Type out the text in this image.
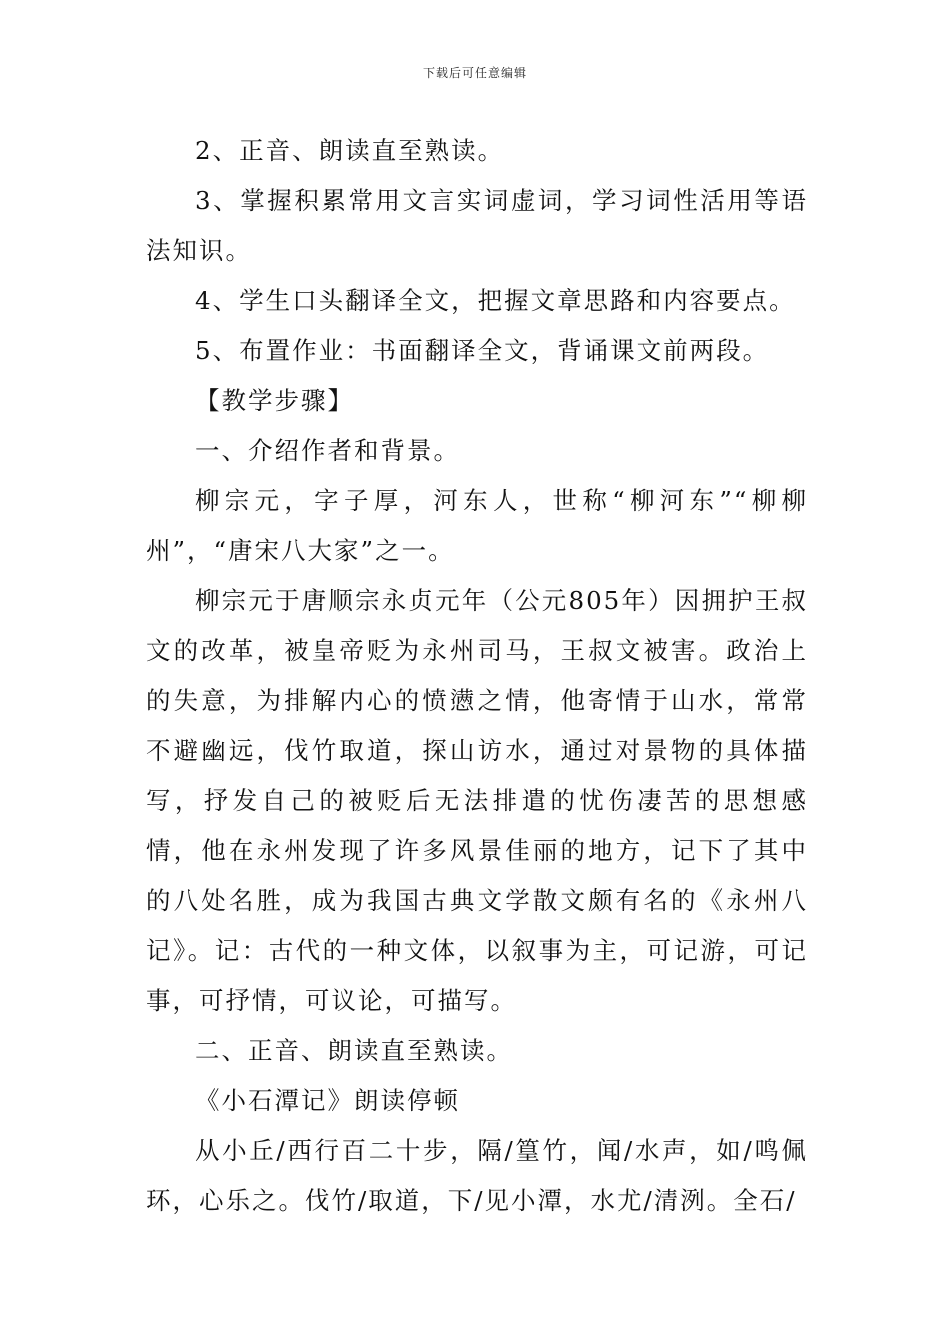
下载后可任意编辑

2、正音、朗读直至熟读。

3、掌握积累常用文言实词虚词，学习词性活用等语法知识。

4、学生口头翻译全文，把握文章思路和内容要点。

5、布置作业：书面翻译全文，背诵课文前两段。

【教学步骤】

一、介绍作者和背景。

柳宗元，字子厚，河东人，世称“柳河东”“柳柳州”，“唐宋八大家”之一。

柳宗元于唐顺宗永贞元年（公元805年）因拥护王叔文的改革，被皇帝贬为永州司马，王叔文被害。政治上的失意，为排解内心的愤懑之情，他寄情于山水，常常不避幽远，伐竹取道，探山访水，通过对景物的具体描写，抒发自己的被贬后无法排遣的忧伤凄苦的思想感情，他在永州发现了许多风景佳丽的地方，记下了其中的八处名胜，成为我国古典文学散文颇有名的《永州八记》。记：古代的一种文体，以叙事为主，可记游，可记事，可抒情，可议论，可描写。

二、正音、朗读直至熟读。

《小石潭记》朗读停顿

从小丘/西行百二十步，隔/篁竹，闻/水声，如/鸣佩环，心乐之。伐竹/取道，下/见小潭，水尤/清洌。全石/
